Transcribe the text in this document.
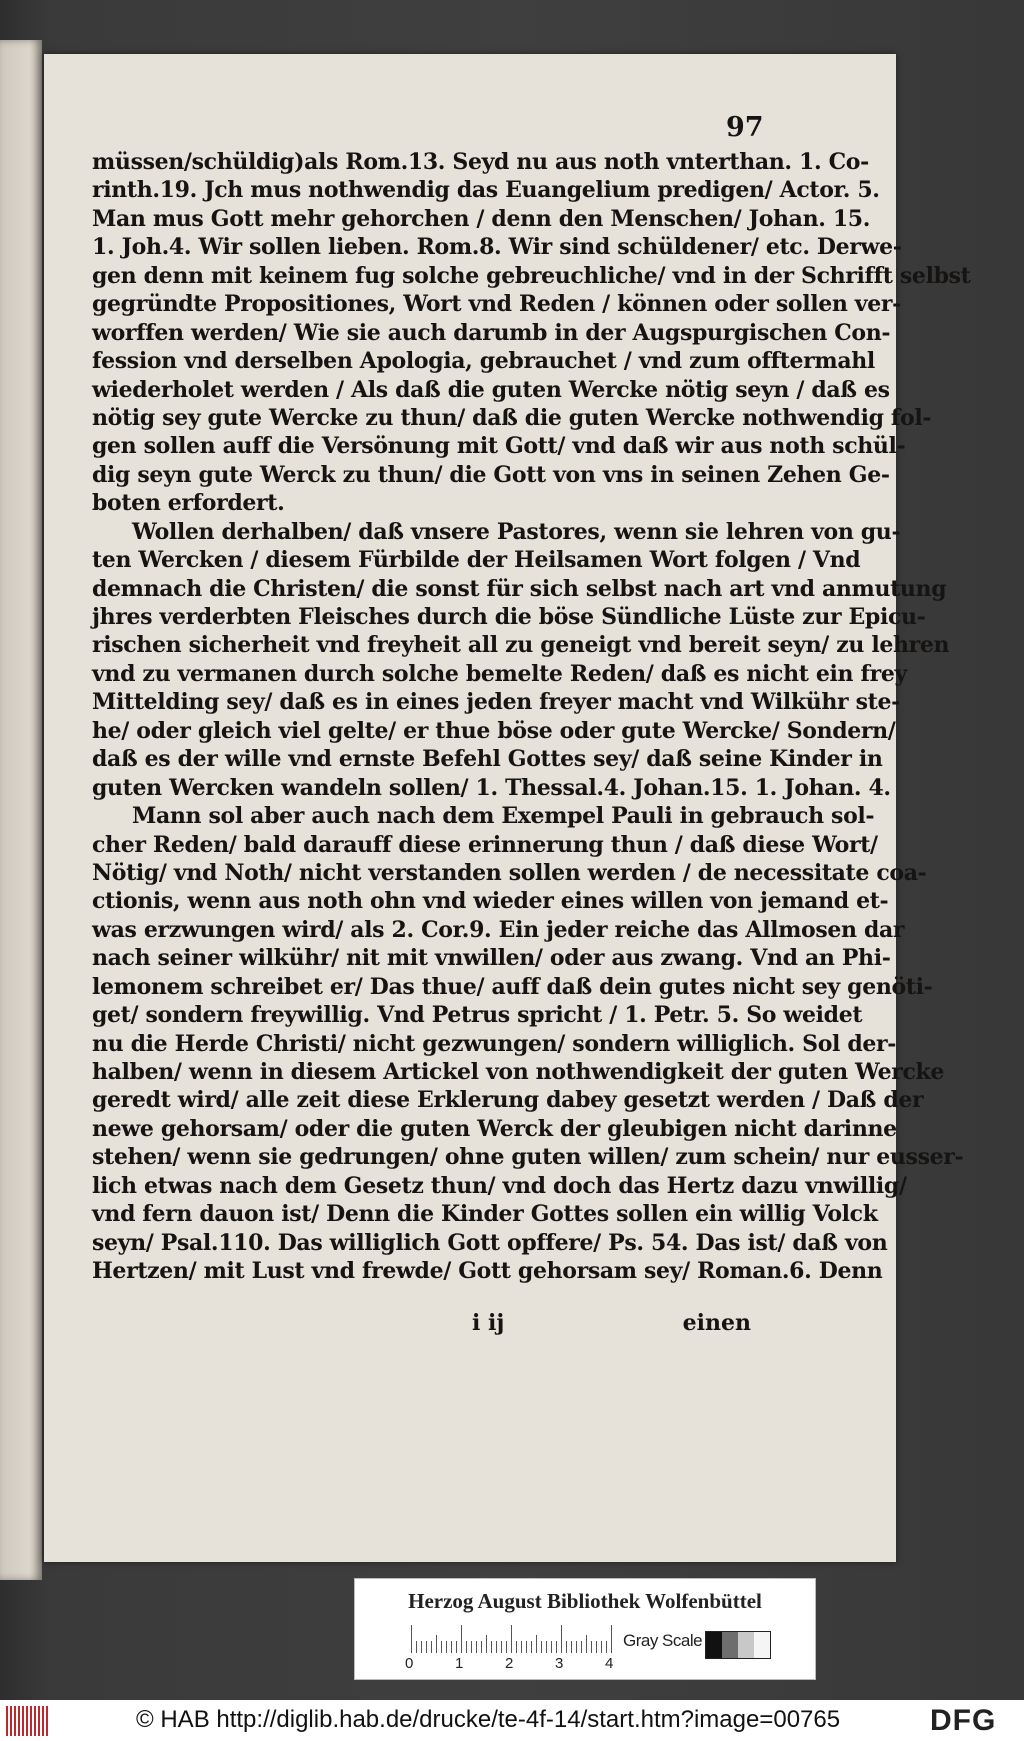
97
müssen/schüldig)als Rom.13. Seyd nu aus noth vnterthan. 1. Co-
rinth.19. Jch mus nothwendig das Euangelium predigen/ Actor. 5.
Man mus Gott mehr gehorchen / denn den Menschen/ Johan. 15.
1. Joh.4. Wir sollen lieben. Rom.8. Wir sind schüldener/ etc. Derwe-
gen denn mit keinem fug solche gebreuchliche/ vnd in der Schrifft selbst
gegründte Propositiones, Wort vnd Reden / können oder sollen ver-
worffen werden/ Wie sie auch darumb in der Augspurgischen Con-
fession vnd derselben Apologia, gebrauchet / vnd zum offtermahl
wiederholet werden / Als daß die guten Wercke nötig seyn / daß es
nötig sey gute Wercke zu thun/ daß die guten Wercke nothwendig fol-
gen sollen auff die Versönung mit Gott/ vnd daß wir aus noth schül-
dig seyn gute Werck zu thun/ die Gott von vns in seinen Zehen Ge-
boten erfordert.
Wollen derhalben/ daß vnsere Pastores, wenn sie lehren von gu-
ten Wercken / diesem Fürbilde der Heilsamen Wort folgen / Vnd
demnach die Christen/ die sonst für sich selbst nach art vnd anmutung
jhres verderbten Fleisches durch die böse Sündliche Lüste zur Epicu-
rischen sicherheit vnd freyheit all zu geneigt vnd bereit seyn/ zu lehren
vnd zu vermanen durch solche bemelte Reden/ daß es nicht ein frey
Mittelding sey/ daß es in eines jeden freyer macht vnd Wilkühr ste-
he/ oder gleich viel gelte/ er thue böse oder gute Wercke/ Sondern/
daß es der wille vnd ernste Befehl Gottes sey/ daß seine Kinder in
guten Wercken wandeln sollen/ 1. Thessal.4. Johan.15. 1. Johan. 4.
Mann sol aber auch nach dem Exempel Pauli in gebrauch sol-
cher Reden/ bald darauff diese erinnerung thun / daß diese Wort/
Nötig/ vnd Noth/ nicht verstanden sollen werden / de necessitate coa-
ctionis, wenn aus noth ohn vnd wieder eines willen von jemand et-
was erzwungen wird/ als 2. Cor.9. Ein jeder reiche das Allmosen dar
nach seiner wilkühr/ nit mit vnwillen/ oder aus zwang. Vnd an Phi-
lemonem schreibet er/ Das thue/ auff daß dein gutes nicht sey genöti-
get/ sondern freywillig. Vnd Petrus spricht / 1. Petr. 5. So weidet
nu die Herde Christi/ nicht gezwungen/ sondern williglich. Sol der-
halben/ wenn in diesem Artickel von nothwendigkeit der guten Wercke
geredt wird/ alle zeit diese Erklerung dabey gesetzt werden / Daß der
newe gehorsam/ oder die guten Werck der gleubigen nicht darinne
stehen/ wenn sie gedrungen/ ohne guten willen/ zum schein/ nur eusser-
lich etwas nach dem Gesetz thun/ vnd doch das Hertz dazu vnwillig/
vnd fern dauon ist/ Denn die Kinder Gottes sollen ein willig Volck
seyn/ Psal.110. Das williglich Gott opffere/ Ps. 54. Das ist/ daß von
Hertzen/ mit Lust vnd frewde/ Gott gehorsam sey/ Roman.6. Denn
i ij	einen
Herzog August Bibliothek Wolfenbüttel
0	1	2	3	4
Gray Scale
© HAB http://diglib.hab.de/drucke/te-4f-14/start.htm?image=00765	DFG
